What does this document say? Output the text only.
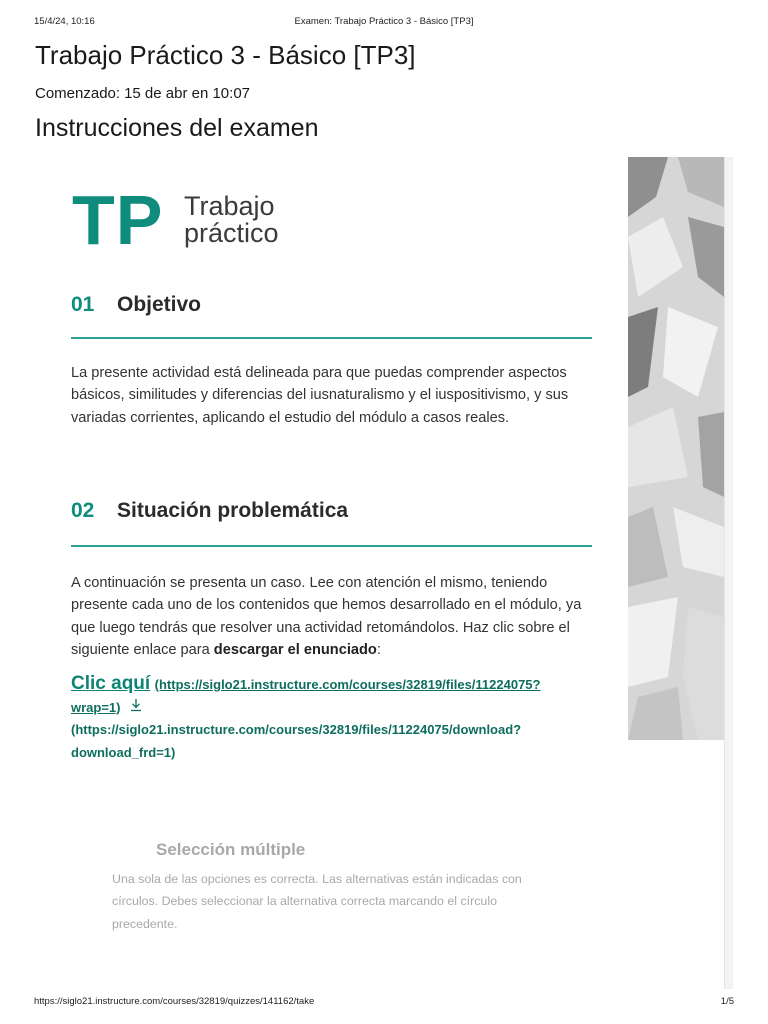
15/4/24, 10:16	Examen: Trabajo Práctico 3 - Básico [TP3]
Trabajo Práctico 3 - Básico [TP3]
Comenzado: 15 de abr en 10:07
Instrucciones del examen
TP Trabajo
práctico
01 Objetivo

La presente actividad está delineada para que puedas comprender aspectos básicos, similitudes y diferencias del iusnaturalismo y el iuspositivismo, y sus variadas corrientes, aplicando el estudio del módulo a casos reales.

02 Situación problemática

A continuación se presenta un caso. Lee con atención el mismo, teniendo presente cada uno de los contenidos que hemos desarrollado en el módulo, ya que luego tendrás que resolver una actividad retomándolos. Haz clic sobre el siguiente enlace para descargar el enunciado:

Clic aquí (https://siglo21.instructure.com/courses/32819/files/11224075?
wrap=1)
(https://siglo21.instructure.com/courses/32819/files/11224075/download?
download_frd=1)
Selección múltiple

Una sola de las opciones es correcta. Las alternativas están indicadas con círculos. Debes seleccionar la alternativa correcta marcando el círculo precedente.

https://siglo21.instructure.com/courses/32819/quizzes/141162/take	1/5
